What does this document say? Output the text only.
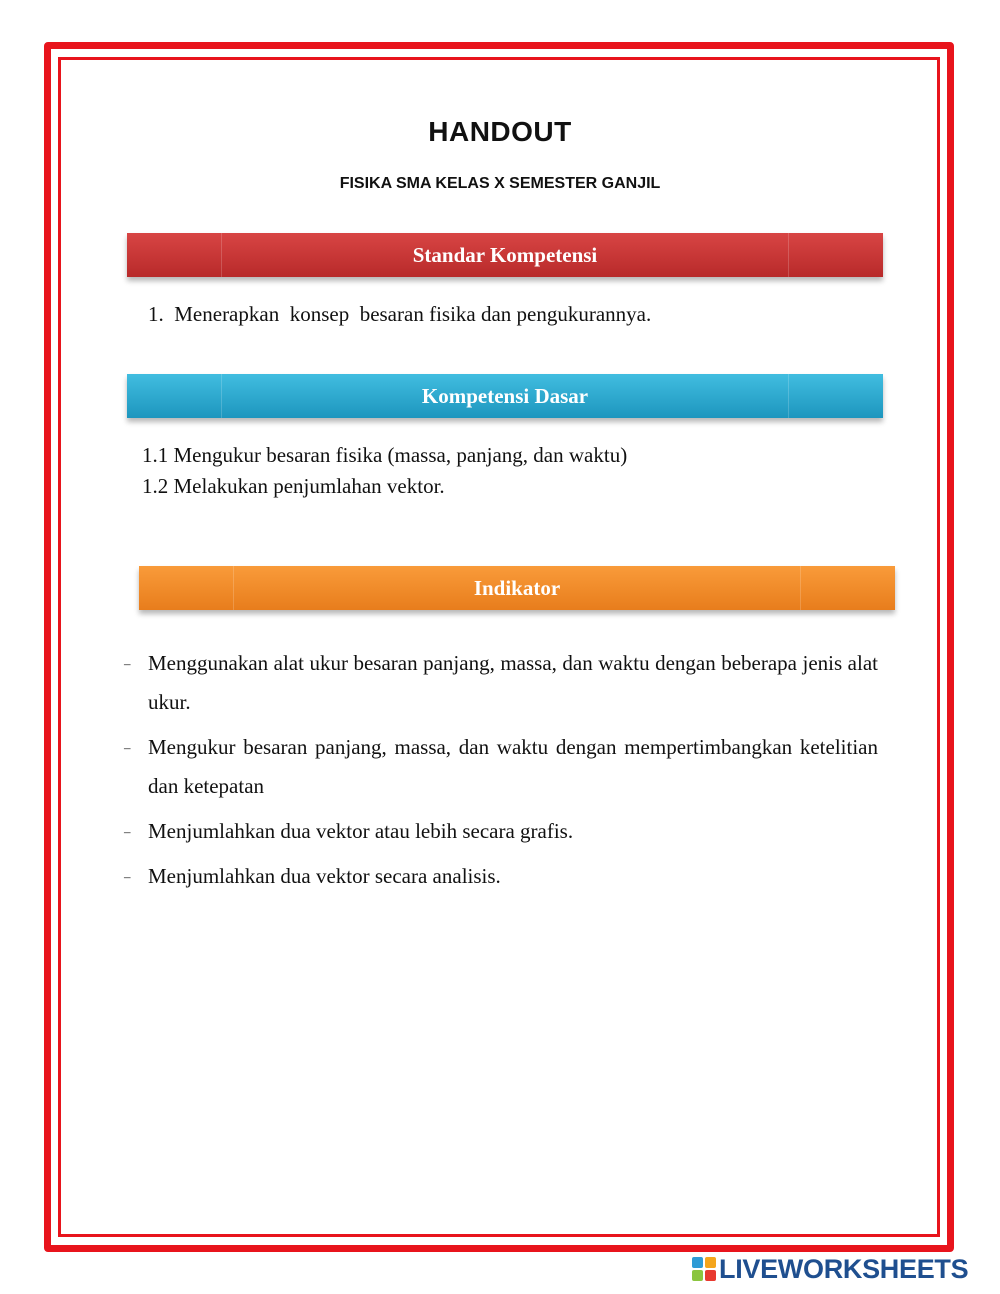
HANDOUT
FISIKA SMA KELAS X SEMESTER GANJIL
Standar Kompetensi
1. Menerapkan  konsep  besaran fisika dan pengukurannya.
Kompetensi Dasar
1.1 Mengukur besaran fisika (massa, panjang, dan waktu)
1.2 Melakukan penjumlahan vektor.
Indikator
– Menggunakan alat ukur besaran panjang, massa, dan waktu dengan beberapa jenis alat ukur.
– Mengukur besaran panjang, massa, dan waktu dengan mempertimbangkan ketelitian dan ketepatan
– Menjumlahkan dua vektor atau lebih secara grafis.
– Menjumlahkan dua vektor secara analisis.
LIVEWORKSHEETS
